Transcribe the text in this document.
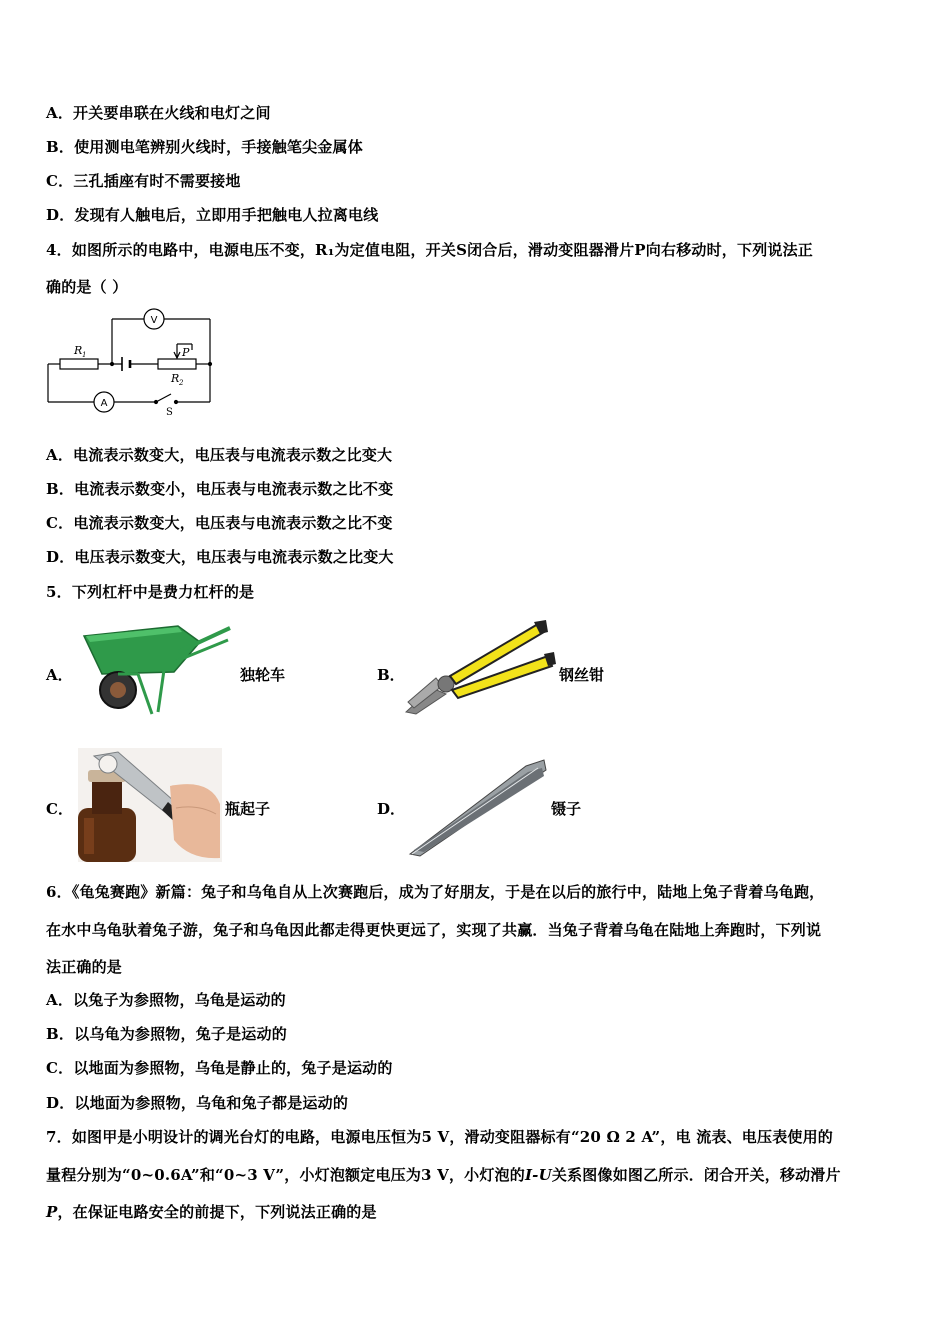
A．开关要串联在火线和电灯之间
B．使用测电笔辨别火线时，手接触笔尖金属体
C．三孔插座有时不需要接地
D．发现有人触电后，立即用手把触电人拉离电线
4．如图所示的电路中，电源电压不变，R₁为定值电阻，开关S闭合后，滑动变阻器滑片P向右移动时，下列说法正
确的是（ ）
R 1
R 2
P
S
V
A
A．电流表示数变大，电压表与电流表示数之比变大
B．电流表示数变小，电压表与电流表示数之比不变
C．电流表示数变大，电压表与电流表示数之比不变
D．电压表示数变大，电压表与电流表示数之比变大
5．下列杠杆中是费力杠杆的是
A．	独轮车	B．	钢丝钳
C．	瓶起子	D．	镊子
6．《龟兔赛跑》新篇：兔子和乌龟自从上次赛跑后，成为了好朋友，于是在以后的旅行中，陆地上兔子背着乌龟跑，
在水中乌龟驮着兔子游，兔子和乌龟因此都走得更快更远了，实现了共赢．当兔子背着乌龟在陆地上奔跑时，下列说
法正确的是
A．以兔子为参照物，乌龟是运动的
B．以乌龟为参照物，兔子是运动的
C．以地面为参照物，乌龟是静止的，兔子是运动的
D．以地面为参照物，乌龟和兔子都是运动的
7．如图甲是小明设计的调光台灯的电路，电源电压恒为5 V，滑动变阻器标有“20 Ω 2 A”，电 流表、电压表使用的
量程分别为“0~0.6A”和“0~3 V”，小灯泡额定电压为3 V，小灯泡的I-U关系图像如图乙所示．闭合开关，移动滑片
P，在保证电路安全的前提下，下列说法正确的是
